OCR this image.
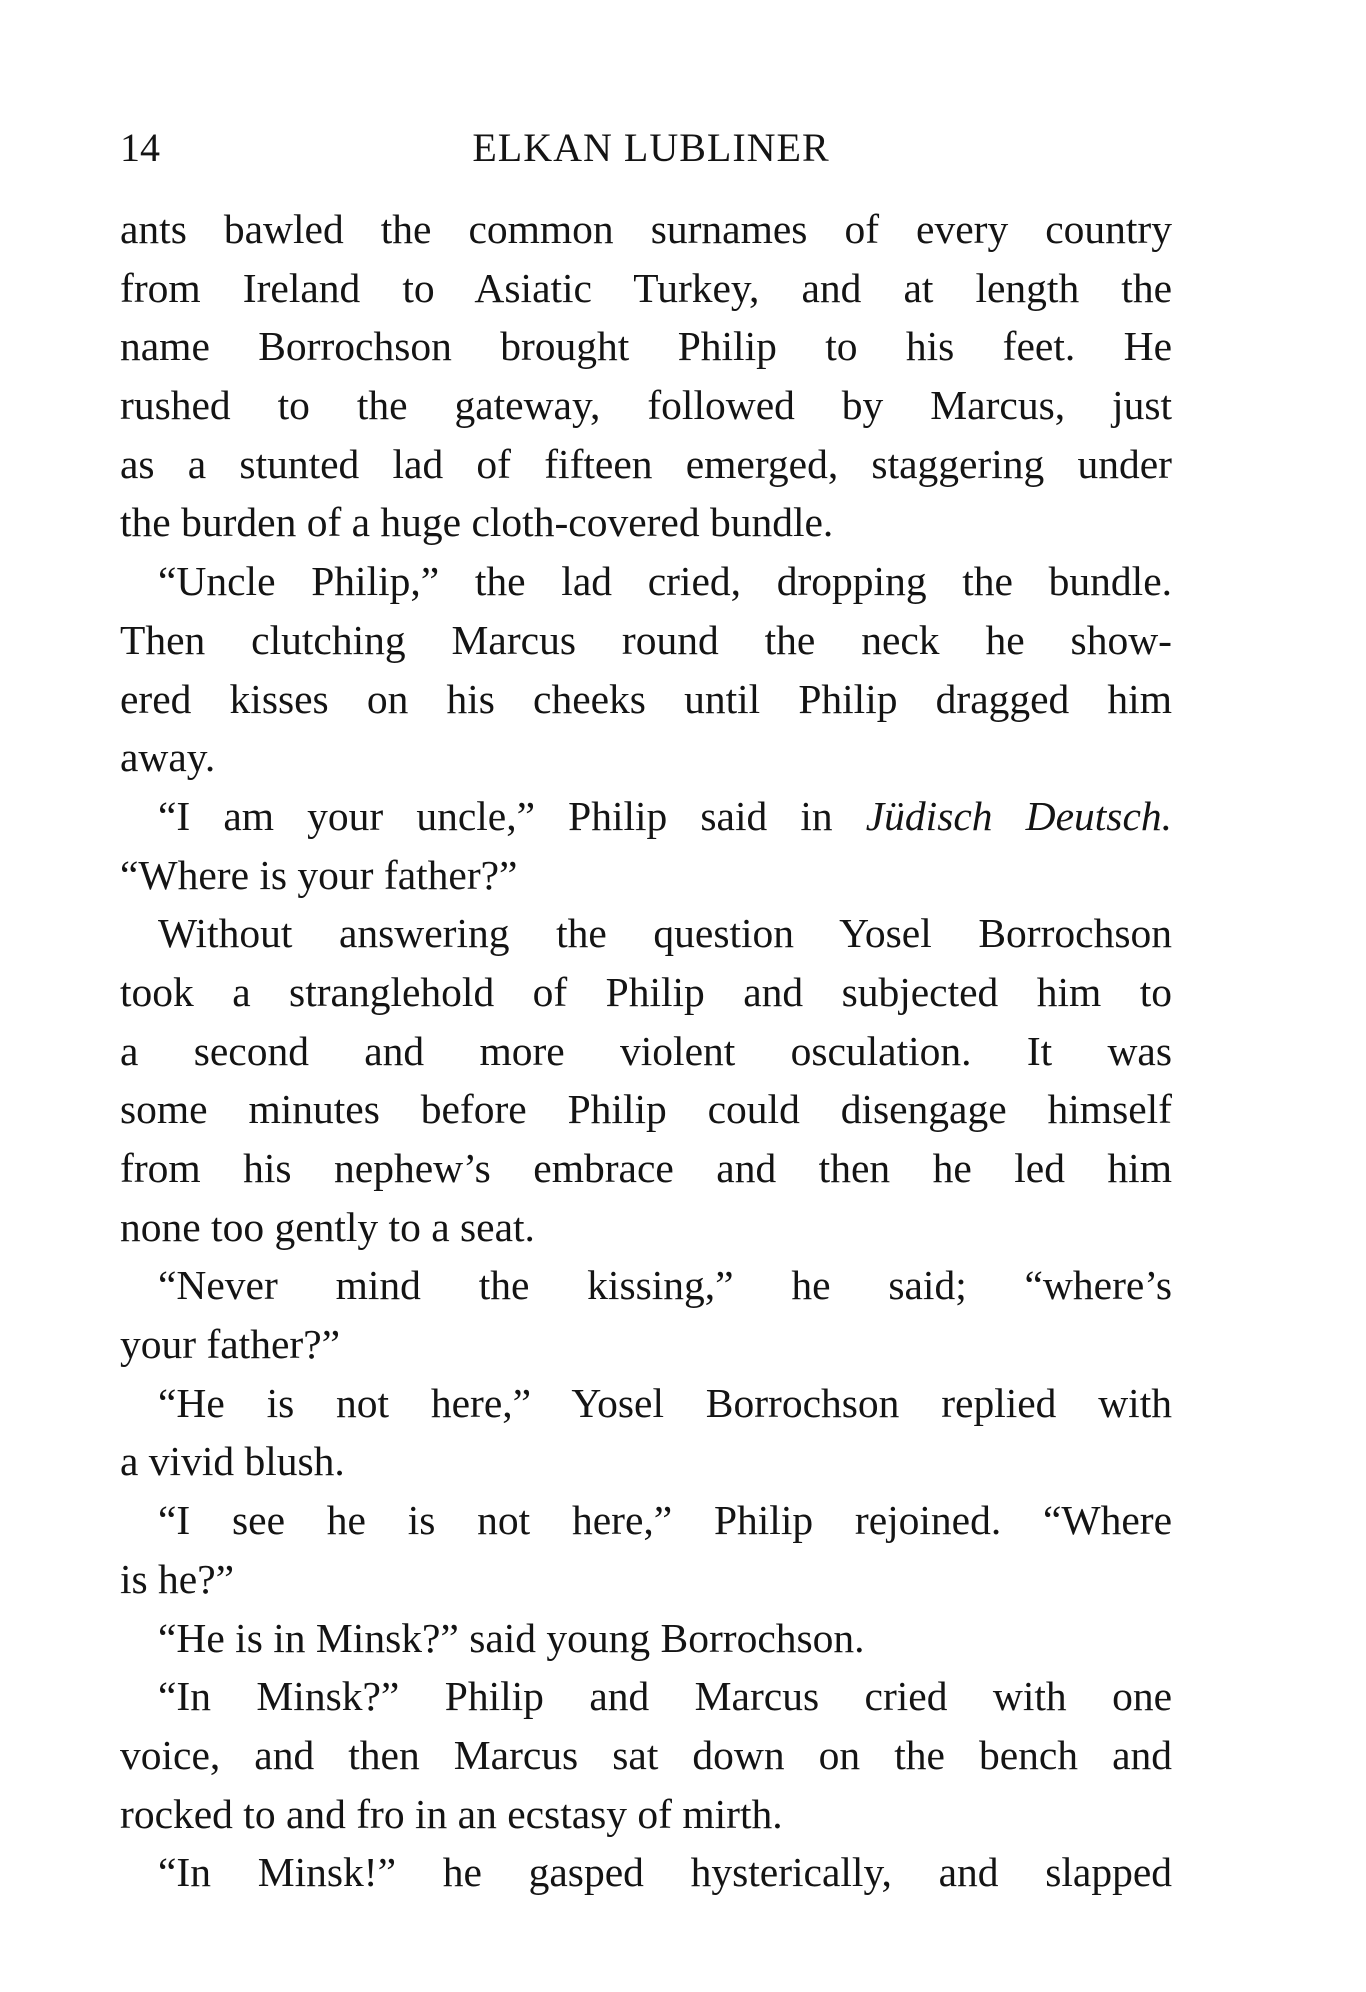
14	ELKAN LUBLINER
ants bawled the common surnames of every country
from Ireland to Asiatic Turkey, and at length the
name Borrochson brought Philip to his feet. He
rushed to the gateway, followed by Marcus, just
as a stunted lad of fifteen emerged, staggering under
the burden of a huge cloth-covered bundle.
“Uncle Philip,” the lad cried, dropping the bundle.
Then clutching Marcus round the neck he show-
ered kisses on his cheeks until Philip dragged him
away.
“I am your uncle,” Philip said in Jüdisch Deutsch.
“Where is your father?”
Without answering the question Yosel Borrochson
took a stranglehold of Philip and subjected him to
a second and more violent osculation. It was
some minutes before Philip could disengage himself
from his nephew’s embrace and then he led him
none too gently to a seat.
“Never mind the kissing,” he said; “where’s
your father?”
“He is not here,” Yosel Borrochson replied with
a vivid blush.
“I see he is not here,” Philip rejoined. “Where
is he?”
“He is in Minsk?” said young Borrochson.
“In Minsk?” Philip and Marcus cried with one
voice, and then Marcus sat down on the bench and
rocked to and fro in an ecstasy of mirth.
“In Minsk!” he gasped hysterically, and slapped
